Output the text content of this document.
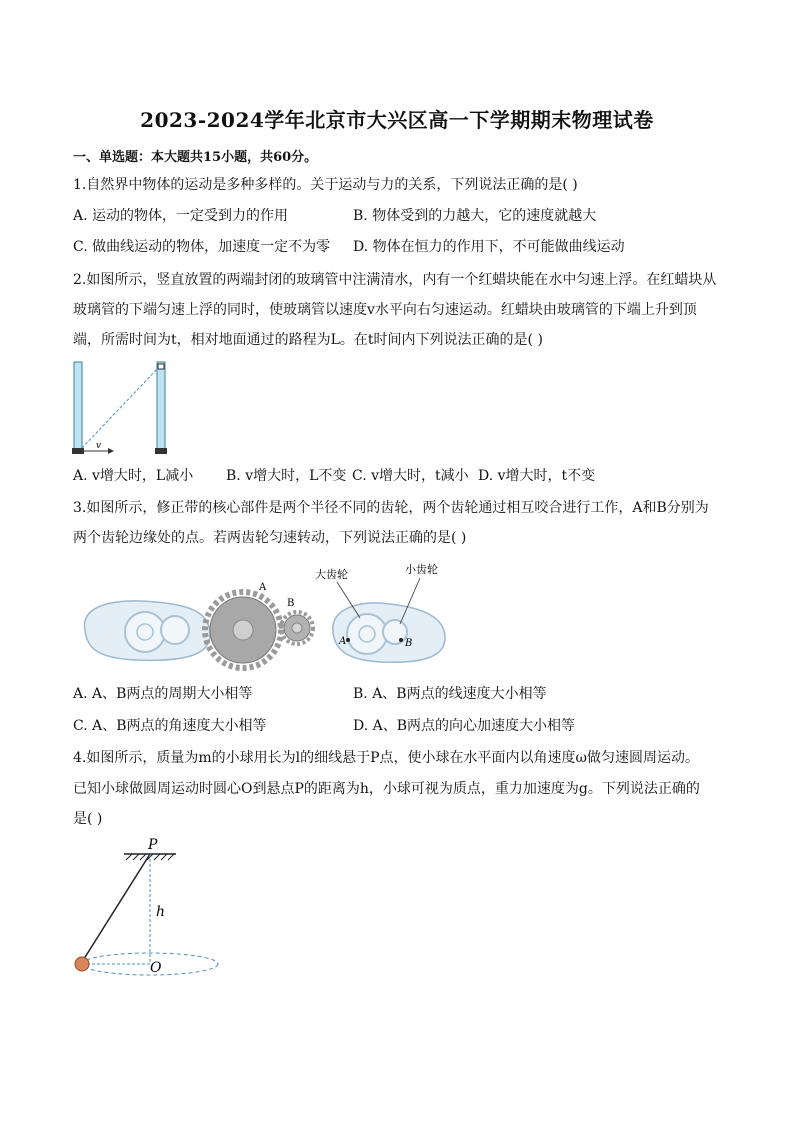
2023-2024学年北京市大兴区高一下学期期末物理试卷
一、单选题：本大题共15小题，共60分。
1.自然界中物体的运动是多种多样的。关于运动与力的关系，下列说法正确的是( )
A. 运动的物体，一定受到力的作用	B. 物体受到的力越大，它的速度就越大
C. 做曲线运动的物体，加速度一定不为零 D. 物体在恒力的作用下，不可能做曲线运动
2.如图所示，竖直放置的两端封闭的玻璃管中注满清水，内有一个红蜡块能在水中匀速上浮。在红蜡块从
玻璃管的下端匀速上浮的同时，使玻璃管以速度v水平向右匀速运动。红蜡块由玻璃管的下端上升到顶
端，所需时间为t，相对地面通过的路程为L。在t时间内下列说法正确的是( )
v
A. v增大时，L减小 B. v增大时，L不变 C. v增大时，t减小 D. v增大时，t不变
3.如图所示，修正带的核心部件是两个半径不同的齿轮，两个齿轮通过相互咬合进行工作，A和B分别为
两个齿轮边缘处的点。若两齿轮匀速转动，下列说法正确的是( )
A
B
A	B
大齿轮	小齿轮
A. A、B两点的周期大小相等	B. A、B两点的线速度大小相等
C. A、B两点的角速度大小相等	D. A、B两点的向心加速度大小相等
4.如图所示，质量为m的小球用长为l的细线悬于P点，使小球在水平面内以角速度ω做匀速圆周运动。
已知小球做圆周运动时圆心O到悬点P的距离为h，小球可视为质点，重力加速度为g。下列说法正确的
是( )
P
h
O
